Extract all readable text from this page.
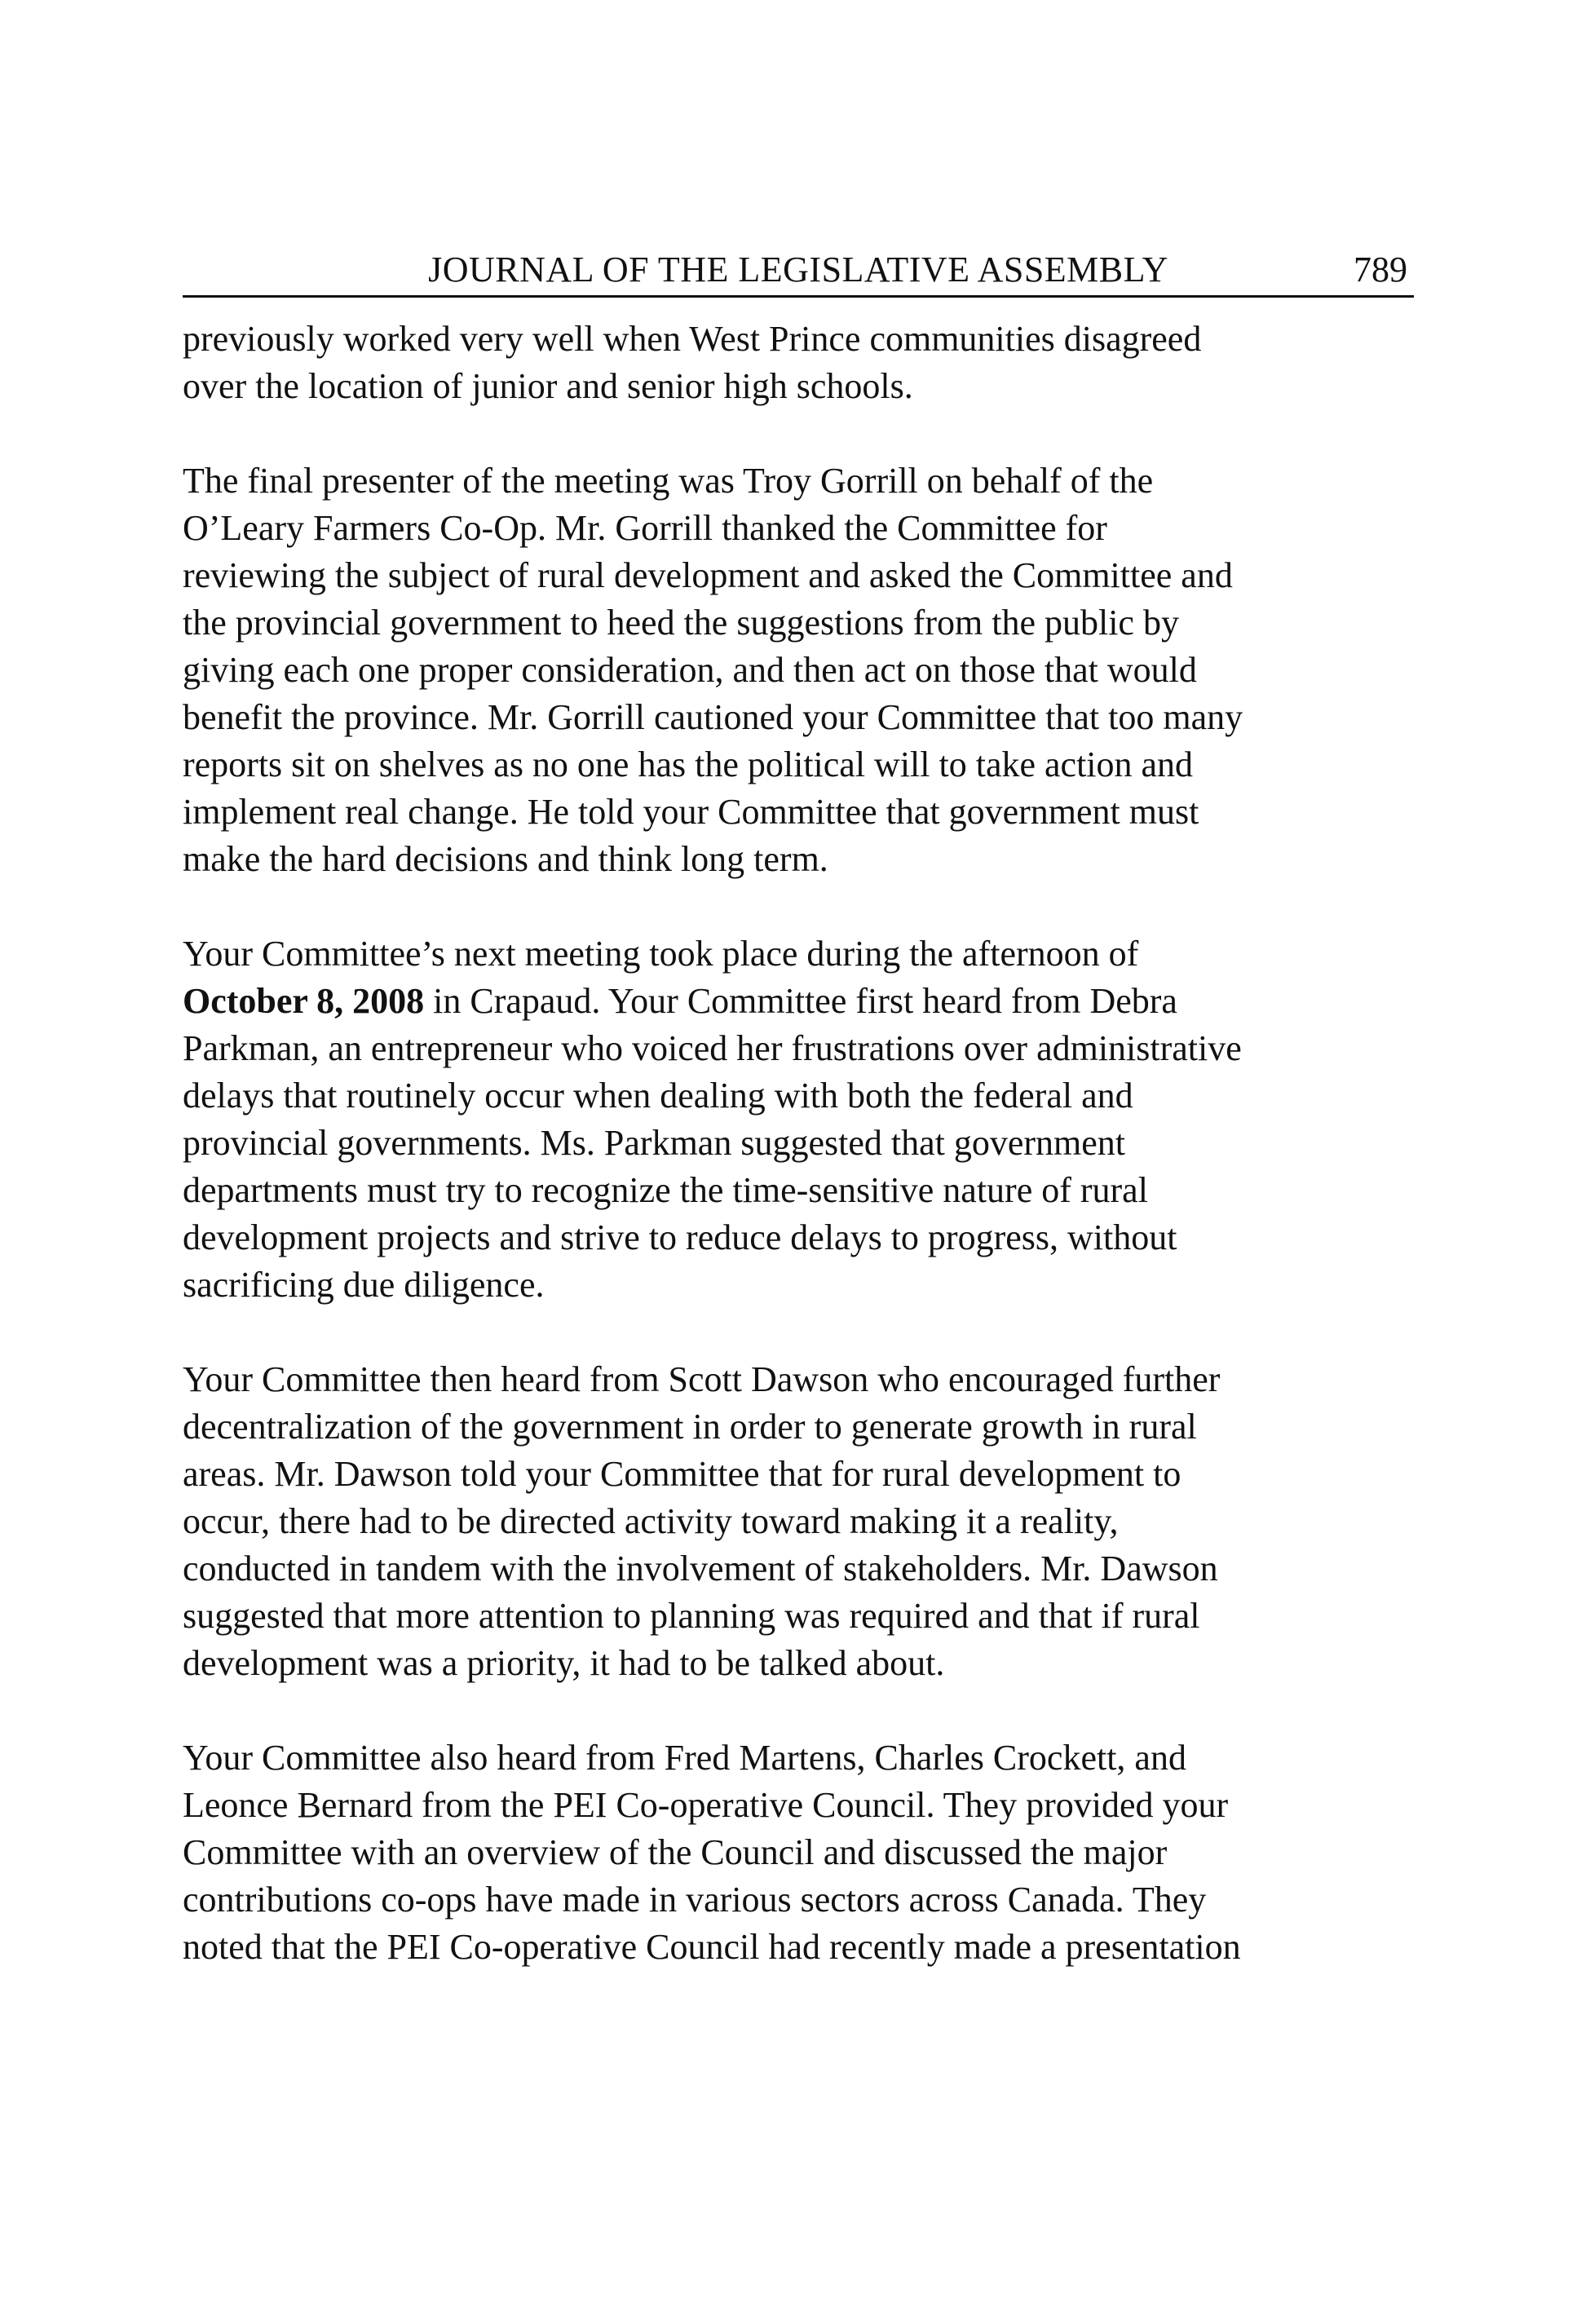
JOURNAL OF THE LEGISLATIVE ASSEMBLY	789

previously worked very well when West Prince communities disagreed
over the location of junior and senior high schools.

The final presenter of the meeting was Troy Gorrill on behalf of the
O’Leary Farmers Co-Op. Mr. Gorrill thanked the Committee for
reviewing the subject of rural development and asked the Committee and
the provincial government to heed the suggestions from the public by
giving each one proper consideration, and then act on those that would
benefit the province. Mr. Gorrill cautioned your Committee that too many
reports sit on shelves as no one has the political will to take action and
implement real change. He told your Committee that government must
make the hard decisions and think long term.

Your Committee’s next meeting took place during the afternoon of
October 8, 2008 in Crapaud. Your Committee first heard from Debra
Parkman, an entrepreneur who voiced her frustrations over administrative
delays that routinely occur when dealing with both the federal and
provincial governments. Ms. Parkman suggested that government
departments must try to recognize the time-sensitive nature of rural
development projects and strive to reduce delays to progress, without
sacrificing due diligence.

Your Committee then heard from Scott Dawson who encouraged further
decentralization of the government in order to generate growth in rural
areas. Mr. Dawson told your Committee that for rural development to
occur, there had to be directed activity toward making it a reality,
conducted in tandem with the involvement of stakeholders. Mr. Dawson
suggested that more attention to planning was required and that if rural
development was a priority, it had to be talked about.

Your Committee also heard from Fred Martens, Charles Crockett, and
Leonce Bernard from the PEI Co-operative Council. They provided your
Committee with an overview of the Council and discussed the major
contributions co-ops have made in various sectors across Canada. They
noted that the PEI Co-operative Council had recently made a presentation
